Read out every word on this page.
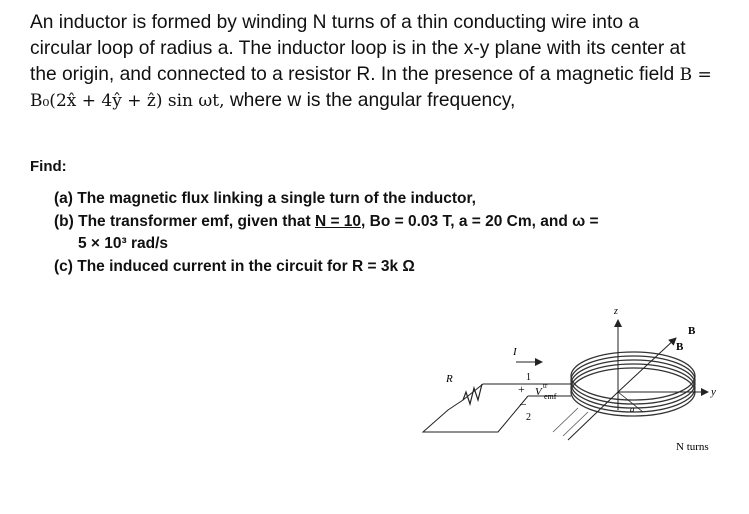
An inductor is formed by winding N turns of a thin conducting wire into a
circular loop of radius a. The inductor loop is in the x-y plane with its center at
the origin, and connected to a resistor R. In the presence of a magnetic field B =
B₀(2x̂ + 4ŷ + ẑ) sin ωt, where w is the angular frequency,
Find:
(a) The magnetic flux linking a single turn of the inductor,
(b) The transformer emf, given that N = 10, Bo = 0.03 T, a = 20 Cm, and ω =
5 × 10³ rad/s
(c) The induced current in the circuit for R = 3k Ω
z
B
B
y
R
I
1
+
–
2
V tr
emf
a
N turns
